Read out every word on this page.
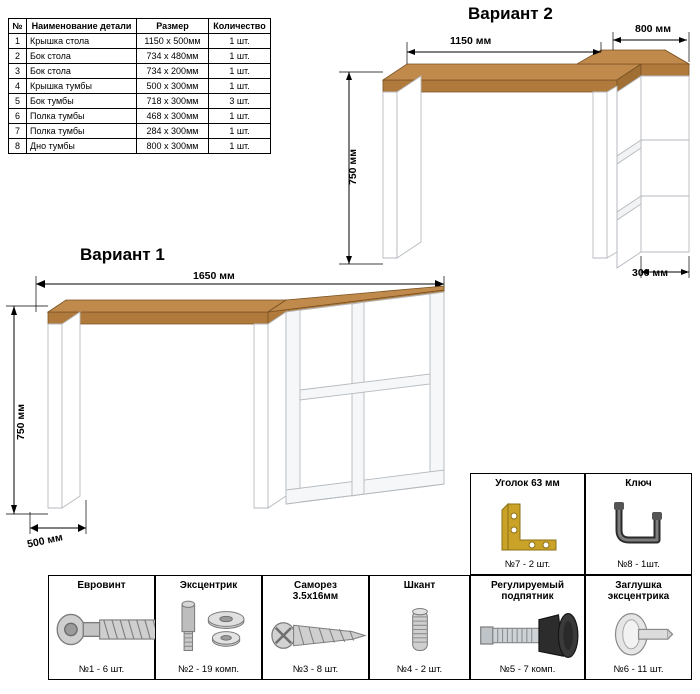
№	Наименование детали	Размер	Количество
1	Крышка стола	1150 x 500мм	1 шт.
2	Бок стола	734 x 480мм	1 шт.
3	Бок стола	734 x 200мм	1 шт.
4	Крышка тумбы	500 x 300мм	1 шт.
5	Бок тумбы	718 x 300мм	3 шт.
6	Полка тумбы	468 x 300мм	1 шт.
7	Полка тумбы	284 x 300мм	1 шт.
8	Дно тумбы	800 x 300мм	1 шт.
Вариант 2
1150 мм
800 мм
750 мм
300 мм
Вариант 1
1650 мм
750 мм
500 мм
Уголок 63 мм
№7 - 2 шт.
Ключ
№8 - 1шт.
Евровинт
№1 - 6 шт.
Эксцентрик
№2 - 19 комп.
Саморез
3.5x16мм
№3 - 8 шт.
Шкант
№4 - 2 шт.
Регулируемый
подпятник
№5 - 7 комп.
Заглушка
эксцентрика
№6 - 11 шт.
